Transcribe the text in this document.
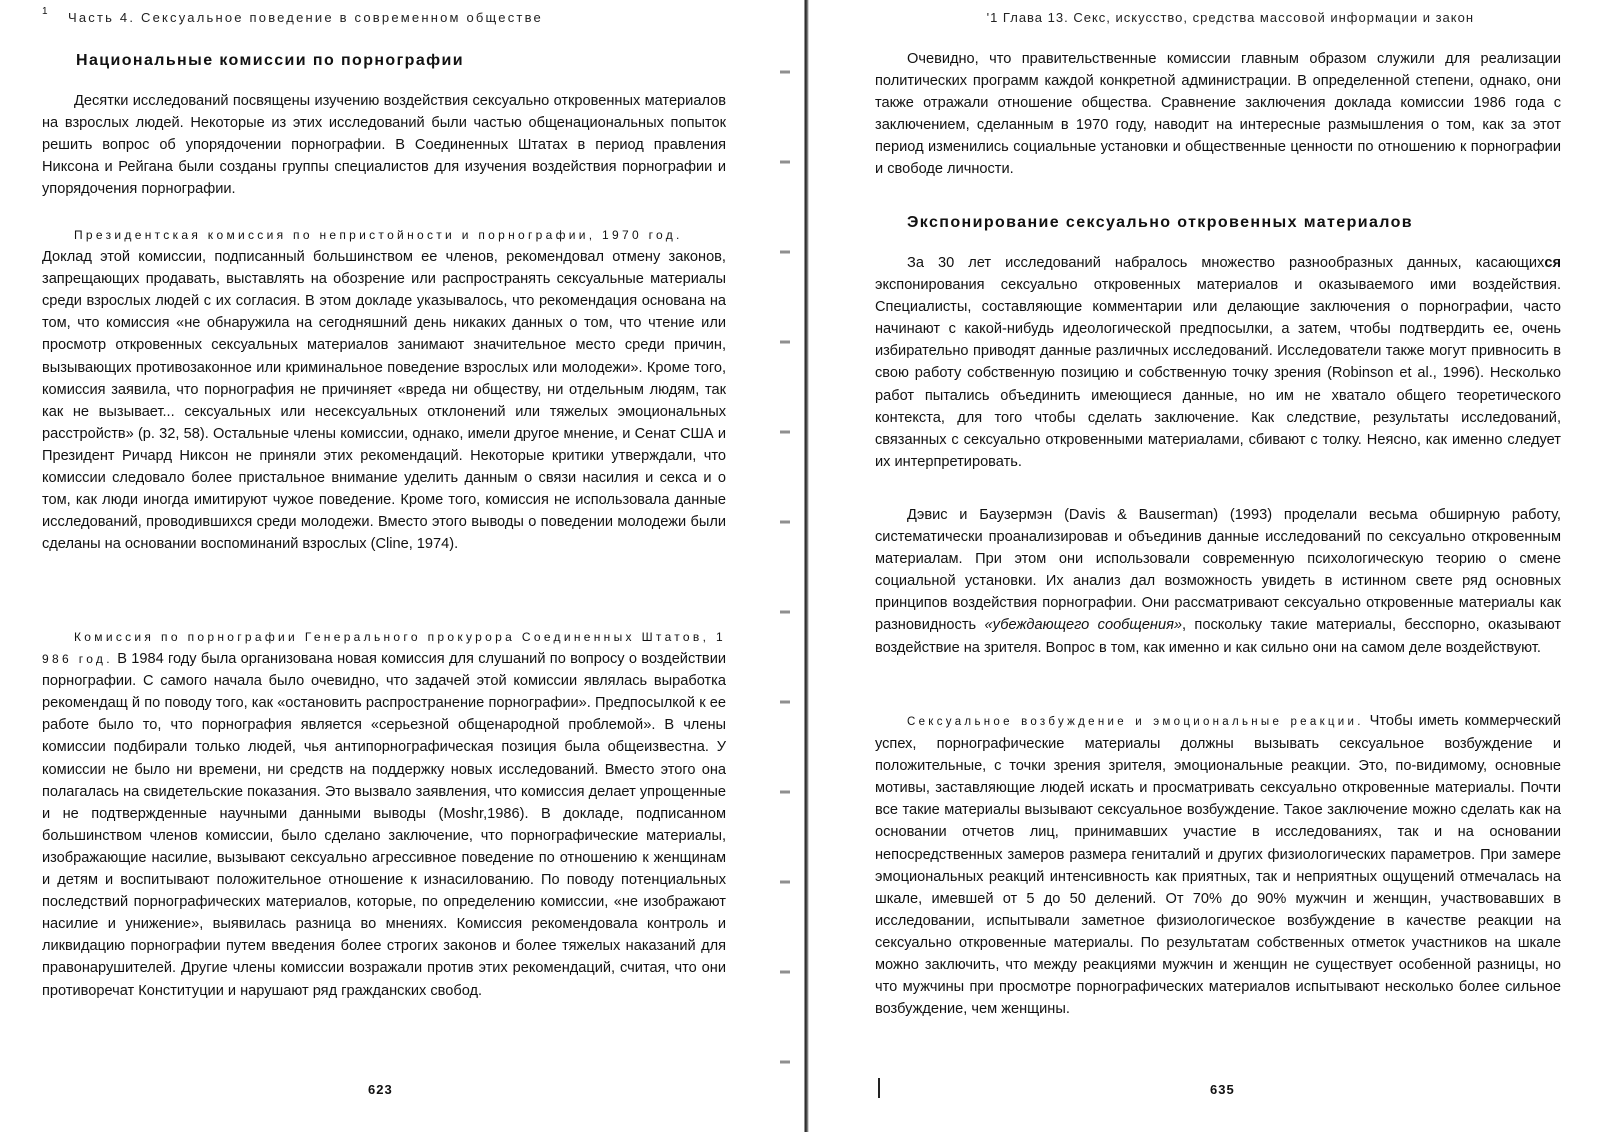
1 Часть 4. Сексуальное поведение в современном обществе
Национальные комиссии по порнографии

Десятки исследований посвящены изучению воздействия сексуально откровенных материалов на взрослых людей. Некоторые из этих исследований были частью общенациональных попыток решить вопрос об упорядочении порнографии. В Соединенных Штатах в период правления Никсона и Рейгана были созданы группы специалистов для изучения воздействия порнографии и упорядочения порнографии.

Президентская комиссия по непристойности и порнографии, 1970 год.
Доклад этой комиссии, подписанный большинством ее членов, рекомендовал отмену законов, запрещающих продавать, выставлять на обозрение или распространять сексуальные материалы среди взрослых людей с их согласия. В этом докладе указывалось, что рекомендация основана на том, что комиссия «не обнаружила на сегодняшний день никаких данных о том, что чтение или просмотр откровенных сексуальных материалов занимают значительное место среди причин, вызывающих противозаконное или криминальное поведение взрослых или молодежи». Кроме того, комиссия заявила, что порнография не причиняет «вреда ни обществу, ни отдельным людям, так как не вызывает... сексуальных или несексуальных отклонений или тяжелых эмоциональных расстройств» (p. 32, 58). Остальные члены комиссии, однако, имели другое мнение, и Сенат США и Президент Ричард Никсон не приняли этих рекомендаций. Некоторые критики утверждали, что комиссии следовало более пристальное внимание уделить данным о связи насилия и секса и о том, как люди иногда имитируют чужое поведение. Кроме того, комиссия не использовала данные исследований, проводившихся среди молодежи. Вместо этого выводы о поведении молодежи были сделаны на основании воспоминаний взрослых (Cline, 1974).

Комиссия по порнографии Генерального прокурора Соединенных Штатов, 1 986 год. В 1984 году была организована новая комиссия для слушаний по вопросу о воздействии порнографии. С самого начала было очевидно, что задачей этой комиссии являлась выработка рекомендащ й по поводу того, как «остановить распространение порнографии». Предпосылкой к ее работе было то, что порнография является «серьезной общенародной проблемой». В члены комиссии подбирали только людей, чья антипорнографическая позиция была общеизвестна. У комиссии не было ни времени, ни средств на поддержку новых исследований. Вместо этого она полагалась на свидетельские показания. Это вызвало заявления, что комиссия делает упрощенные и не подтвержденные научными данными выводы (Moshr,1986). В докладе, подписанном большинством членов комиссии, было сделано заключение, что порнографические материалы, изображающие насилие, вызывают сексуально агрессивное поведение по отношению к женщинам и детям и воспитывают положительное отношение к изнасилованию. По поводу потенциальных последствий порнографических материалов, которые, по определению комиссии, «не изображают насилие и унижение», выявилась разница во мнениях. Комиссия рекомендовала контроль и ликвидацию порнографии путем введения более строгих законов и более тяжелых наказаний для правонарушителей. Другие члены комиссии возражали против этих рекомендаций, считая, что они противоречат Конституции и нарушают ряд гражданских свобод.

623
'1 Глава 13. Секс, искусство, средства массовой информации и закон

Очевидно, что правительственные комиссии главным образом служили для реализации политических программ каждой конкретной администрации. В определенной степени, однако, они также отражали отношение общества. Сравнение заключения доклада комиссии 1986 года с заключением, сделанным в 1970 году, наводит на интересные размышления о том, как за этот период изменились социальные установки и общественные ценности по отношению к порнографии и свободе личности.

Экспонирование сексуально откровенных материалов

За 30 лет исследований набралось множество разнообразных данных, касающихся экспонирования сексуально откровенных материалов и оказываемого ими воздействия. Специалисты, составляющие комментарии или делающие заключения о порнографии, часто начинают с какой-нибудь идеологической предпосылки, а затем, чтобы подтвердить ее, очень избирательно приводят данные различных исследований. Исследователи также могут привносить в свою работу собственную позицию и собственную точку зрения (Robinson et al., 1996). Несколько работ пытались объединить имеющиеся данные, но им не хватало общего теоретического контекста, для того чтобы сделать заключение. Как следствие, результаты исследований, связанных с сексуально откровенными материалами, сбивают с толку. Неясно, как именно следует их интерпретировать.

Дэвис и Баузермэн (Davis & Bauserman) (1993) проделали весьма обширную работу, систематически проанализировав и объединив данные исследований по сексуально откровенным материалам. При этом они использовали современную психологическую теорию о смене социальной установки. Их анализ дал возможность увидеть в истинном свете ряд основных принципов воздействия порнографии. Они рассматривают сексуально откровенные материалы как разновидность «убеждающего сообщения», поскольку такие материалы, бесспорно, оказывают воздействие на зрителя. Вопрос в том, как именно и как сильно они на самом деле воздействуют.

Сексуальное возбуждение и эмоциональные реакции. Чтобы иметь коммерческий успех, порнографические материалы должны вызывать сексуальное возбуждение и положительные, с точки зрения зрителя, эмоциональные реакции. Это, по-видимому, основные мотивы, заставляющие людей искать и просматривать сексуально откровенные материалы. Почти все такие материалы вызывают сексуальное возбуждение. Такое заключение можно сделать как на основании отчетов лиц, принимавших участие в исследованиях, так и на основании непосредственных замеров размера гениталий и других физиологических параметров. При замере эмоциональных реакций интенсивность как приятных, так и неприятных ощущений отмечалась на шкале, имевшей от 5 до 50 делений. От 70% до 90% мужчин и женщин, участвовавших в исследовании, испытывали заметное физиологическое возбуждение в качестве реакции на сексуально откровенные материалы. По результатам собственных отметок участников на шкале можно заключить, что между реакциями мужчин и женщин не существует особенной разницы, но что мужчины при просмотре порнографических материалов испытывают несколько более сильное возбуждение, чем женщины.

635
